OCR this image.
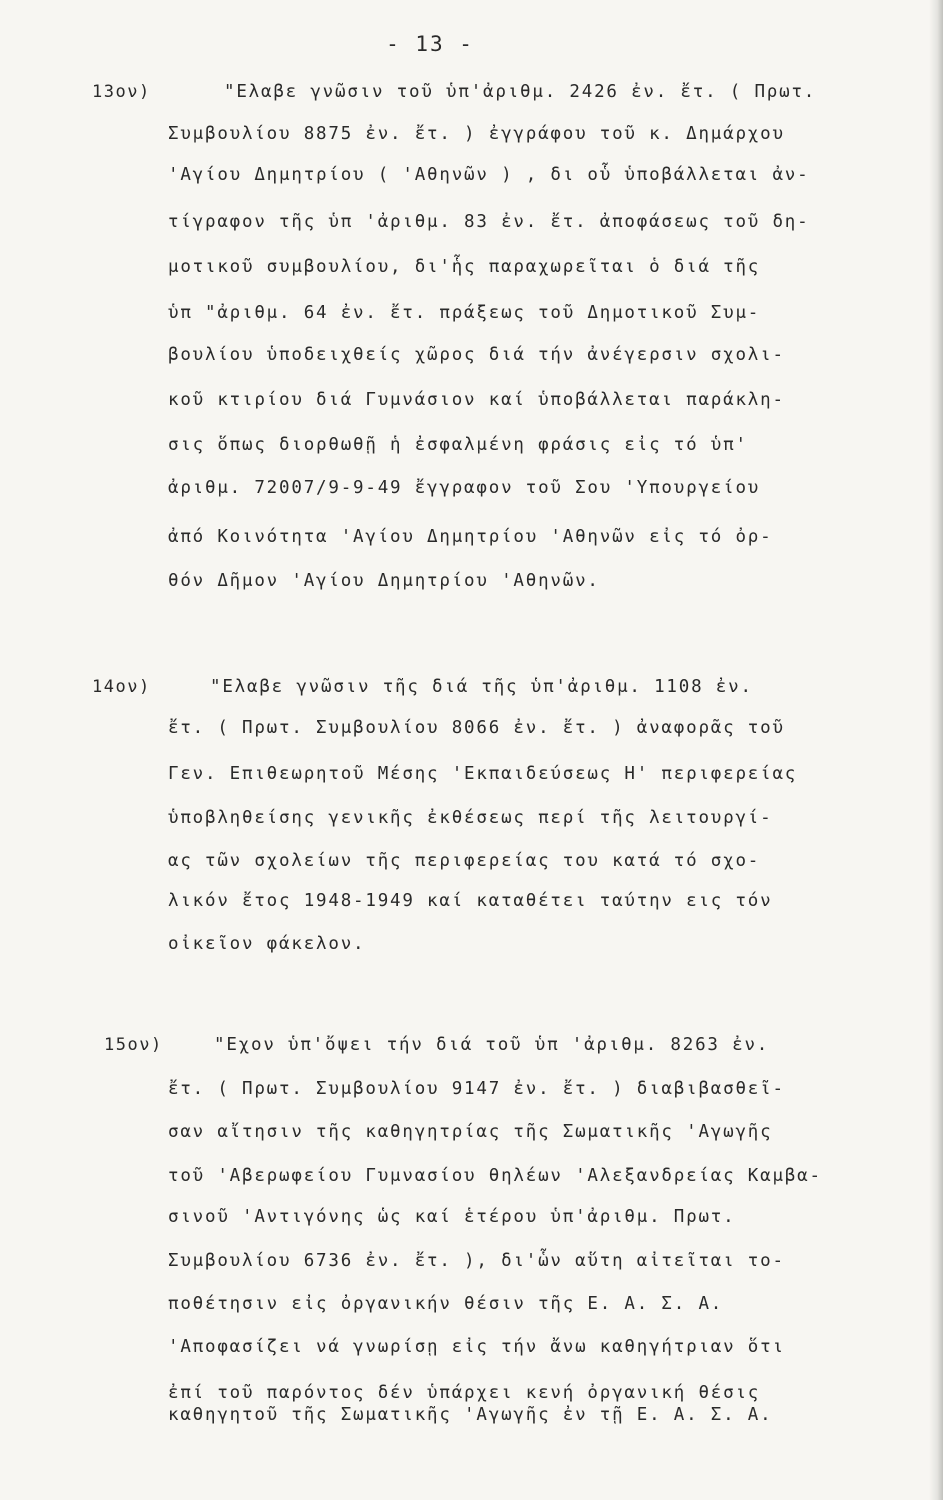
- 13 -
13ον)	"Ελαβε γνῶσιν τοῦ ὑπ'ἀριθμ. 2426 ἐν. ἔτ. ( Πρωτ.
Συμβουλίου 8875 ἐν. ἔτ. ) ἐγγράφου τοῦ κ. Δημάρχου
'Αγίου Δημητρίου ( 'Αθηνῶν ) , δι οὗ ὑποβάλλεται ἀν-
τίγραφον τῆς ὑπ 'ἀριθμ. 83 ἐν. ἔτ. ἀποφάσεως τοῦ δη-
μοτικοῦ συμβουλίου, δι'ἧς παραχωρεῖται ὁ διά τῆς
ὑπ "ἀριθμ. 64 ἐν. ἔτ. πράξεως τοῦ Δημοτικοῦ Συμ-
βουλίου ὑποδειχθείς χῶρος διά τήν ἀνέγερσιν σχολι-
κοῦ κτιρίου διά Γυμνάσιον καί ὑποβάλλεται παράκλη-
σις ὅπως διορθωθῇ ἡ ἐσφαλμένη φράσις εἰς τό ὑπ'
ἀριθμ. 72007/9-9-49 ἔγγραφον τοῦ Σου 'Υπουργείου
ἀπό Κοινότητα 'Αγίου Δημητρίου 'Αθηνῶν εἰς τό ὀρ-
θόν Δῆμον 'Αγίου Δημητρίου 'Αθηνῶν.
14ον)	"Ελαβε γνῶσιν τῆς διά τῆς ὑπ'ἀριθμ. 1108 ἐν.
ἔτ. ( Πρωτ. Συμβουλίου 8066 ἐν. ἔτ. ) ἀναφορᾶς τοῦ
Γεν. Επιθεωρητοῦ Μέσης 'Εκπαιδεύσεως Η' περιφερείας
ὑποβληθείσης γενικῆς ἐκθέσεως περί τῆς λειτουργί-
ας τῶν σχολείων τῆς περιφερείας του κατά τό σχο-
λικόν ἔτος 1948-1949 καί καταθέτει ταύτην εις τόν
οἰκεῖον φάκελον.
15ον)	"Εχον ὑπ'ὄψει τήν διά τοῦ ὑπ 'ἀριθμ. 8263 ἐν.
ἔτ. ( Πρωτ. Συμβουλίου 9147 ἐν. ἔτ. ) διαβιβασθεῖ-
σαν αἴτησιν τῆς καθηγητρίας τῆς Σωματικῆς 'Αγωγῆς
τοῦ 'Αβερωφείου Γυμνασίου θηλέων 'Αλεξανδρείας Καμβα-
σινοῦ 'Αντιγόνης ὡς καί ἑτέρου ὑπ'ἀριθμ. Πρωτ.
Συμβουλίου 6736 ἐν. ἔτ. ), δι'ὧν αὕτη αἰτεῖται το-
ποθέτησιν εἰς ὀργανικήν θέσιν τῆς Ε. Α. Σ. Α.
'Αποφασίζει νά γνωρίσῃ εἰς τήν ἄνω καθηγήτριαν ὅτι
ἐπί τοῦ παρόντος δέν ὑπάρχει κενή ὀργανική θέσις
καθηγητοῦ τῆς Σωματικῆς 'Αγωγῆς ἐν τῇ Ε. Α. Σ. Α.
